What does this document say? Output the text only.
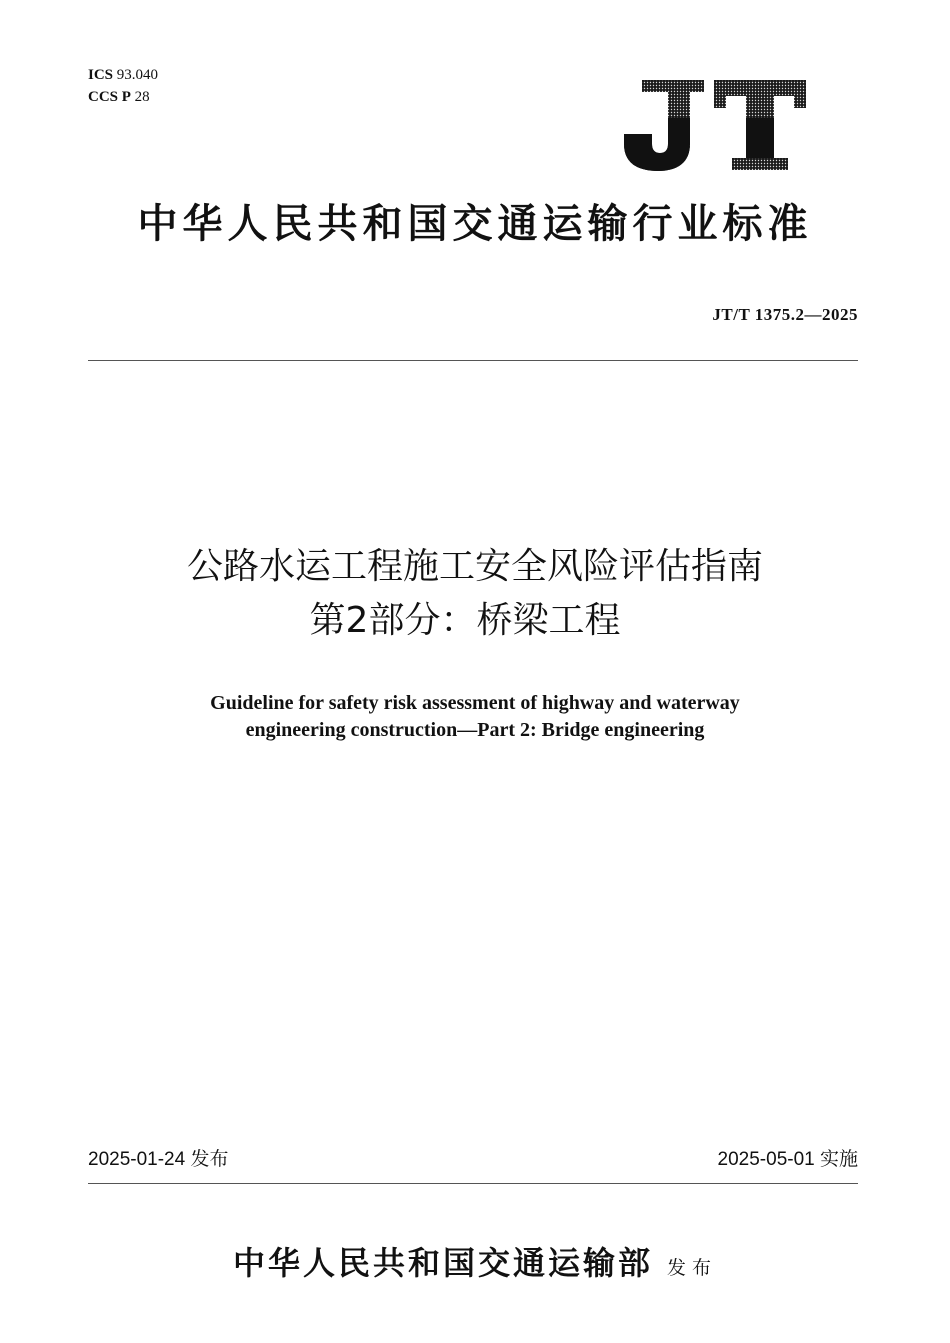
ICS 93.040
CCS P 28
JT
中华人民共和国交通运输行业标准
JT/T 1375.2—2025
公路水运工程施工安全风险评估指南
第2部分：桥梁工程
Guideline for safety risk assessment of highway and waterway
engineering construction—Part 2: Bridge engineering
2025-01-24 发布	2025-05-01 实施
中华人民共和国交通运输部 发布
